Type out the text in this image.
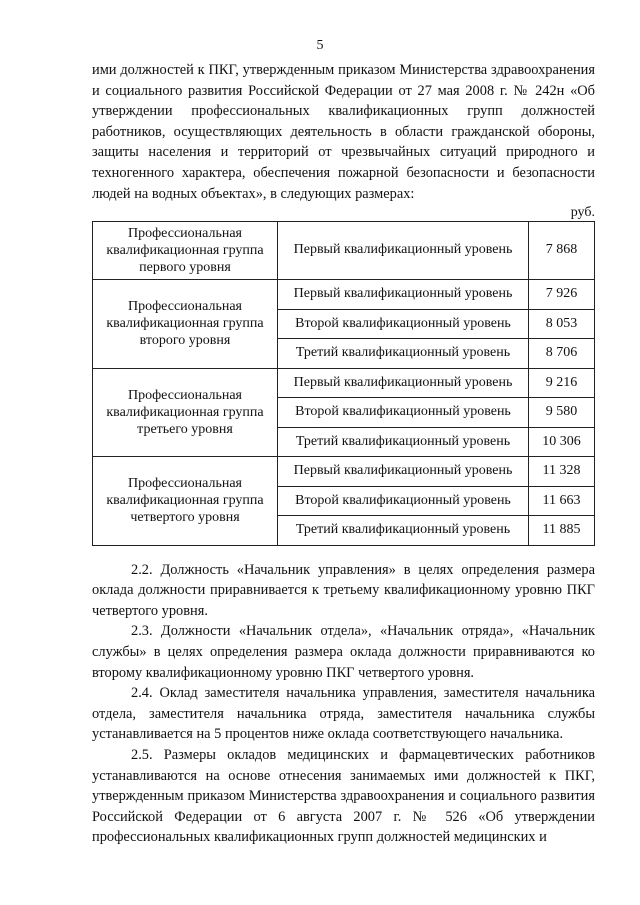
5

ими должностей к ПКГ, утвержденным приказом Министерства здравоохранения и социального развития Российской Федерации от 27 мая 2008 г. № 242н «Об утверждении профессиональных квалификационных групп должностей работников, осуществляющих деятельность в области гражданской обороны, защиты населения и территорий от чрезвычайных ситуаций природного и техногенного характера, обеспечения пожарной безопасности и безопасности людей на водных объектах», в следующих размерах:

руб.
Профессиональная квалификационная группа первого уровня	Первый квалификационный уровень	7 868
Профессиональная квалификационная группа второго уровня	Первый квалификационный уровень	7 926
	Второй квалификационный уровень	8 053
	Третий квалификационный уровень	8 706
Профессиональная квалификационная группа третьего уровня	Первый квалификационный уровень	9 216
	Второй квалификационный уровень	9 580
	Третий квалификационный уровень	10 306
Профессиональная квалификационная группа четвертого уровня	Первый квалификационный уровень	11 328
	Второй квалификационный уровень	11 663
	Третий квалификационный уровень	11 885

2.2. Должность «Начальник управления» в целях определения размера оклада должности приравнивается к третьему квалификационному уровню ПКГ четвертого уровня.

2.3. Должности «Начальник отдела», «Начальник отряда», «Начальник службы» в целях определения размера оклада должности приравниваются ко второму квалификационному уровню ПКГ четвертого уровня.

2.4. Оклад заместителя начальника управления, заместителя начальника отдела, заместителя начальника отряда, заместителя начальника службы устанавливается на 5 процентов ниже оклада соответствующего начальника.

2.5. Размеры окладов медицинских и фармацевтических работников устанавливаются на основе отнесения занимаемых ими должностей к ПКГ, утвержденным приказом Министерства здравоохранения и социального развития Российской Федерации от 6 августа 2007 г. № 526 «Об утверждении профессиональных квалификационных групп должностей медицинских и
